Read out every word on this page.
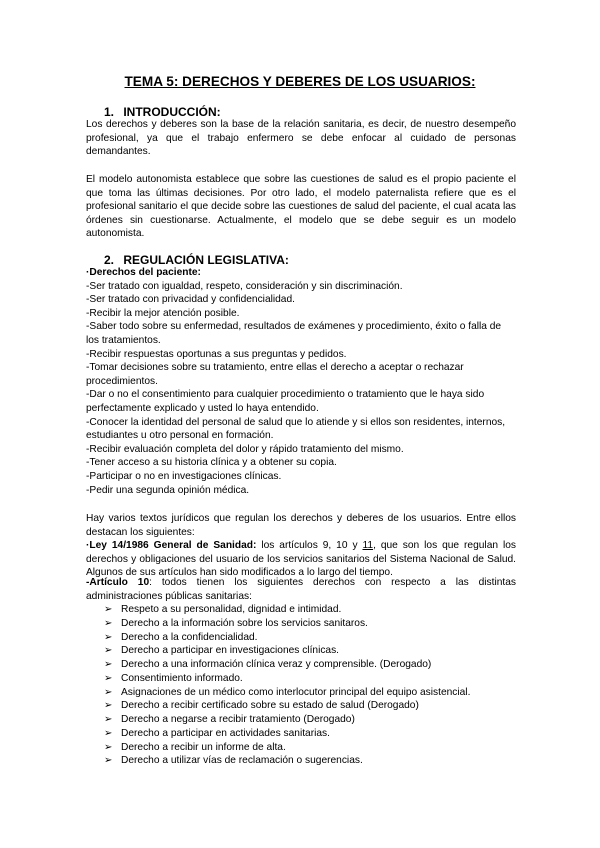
TEMA 5: DERECHOS Y DEBERES DE LOS USUARIOS:
1. INTRODUCCIÓN:
Los derechos y deberes son la base de la relación sanitaria, es decir, de nuestro desempeño profesional, ya que el trabajo enfermero se debe enfocar al cuidado de personas demandantes.
El modelo autonomista establece que sobre las cuestiones de salud es el propio paciente el que toma las últimas decisiones. Por otro lado, el modelo paternalista refiere que es el profesional sanitario el que decide sobre las cuestiones de salud del paciente, el cual acata las órdenes sin cuestionarse. Actualmente, el modelo que se debe seguir es un modelo autonomista.
2. REGULACIÓN LEGISLATIVA:
·Derechos del paciente:
-Ser tratado con igualdad, respeto, consideración y sin discriminación.
-Ser tratado con privacidad y confidencialidad.
-Recibir la mejor atención posible.
-Saber todo sobre su enfermedad, resultados de exámenes y procedimiento, éxito o falla de
los tratamientos.
-Recibir respuestas oportunas a sus preguntas y pedidos.
-Tomar decisiones sobre su tratamiento, entre ellas el derecho a aceptar o rechazar
procedimientos.
-Dar o no el consentimiento para cualquier procedimiento o tratamiento que le haya sido
perfectamente explicado y usted lo haya entendido.
-Conocer la identidad del personal de salud que lo atiende y si ellos son residentes, internos,
estudiantes u otro personal en formación.
-Recibir evaluación completa del dolor y rápido tratamiento del mismo.
-Tener acceso a su historia clínica y a obtener su copia.
-Participar o no en investigaciones clínicas.
-Pedir una segunda opinión médica.
Hay varios textos jurídicos que regulan los derechos y deberes de los usuarios. Entre ellos destacan los siguientes:
·Ley 14/1986 General de Sanidad: los artículos 9, 10 y 11, que son los que regulan los derechos y obligaciones del usuario de los servicios sanitarios del Sistema Nacional de Salud. Algunos de sus artículos han sido modificados a lo largo del tiempo.
-Artículo 10: todos tienen los siguientes derechos con respecto a las distintas administraciones públicas sanitarias:
➢ Respeto a su personalidad, dignidad e intimidad.
➢ Derecho a la información sobre los servicios sanitaros.
➢ Derecho a la confidencialidad.
➢ Derecho a participar en investigaciones clínicas.
➢ Derecho a una información clínica veraz y comprensible. (Derogado)
➢ Consentimiento informado.
➢ Asignaciones de un médico como interlocutor principal del equipo asistencial.
➢ Derecho a recibir certificado sobre su estado de salud (Derogado)
➢ Derecho a negarse a recibir tratamiento (Derogado)
➢ Derecho a participar en actividades sanitarias.
➢ Derecho a recibir un informe de alta.
➢ Derecho a utilizar vías de reclamación o sugerencias.
